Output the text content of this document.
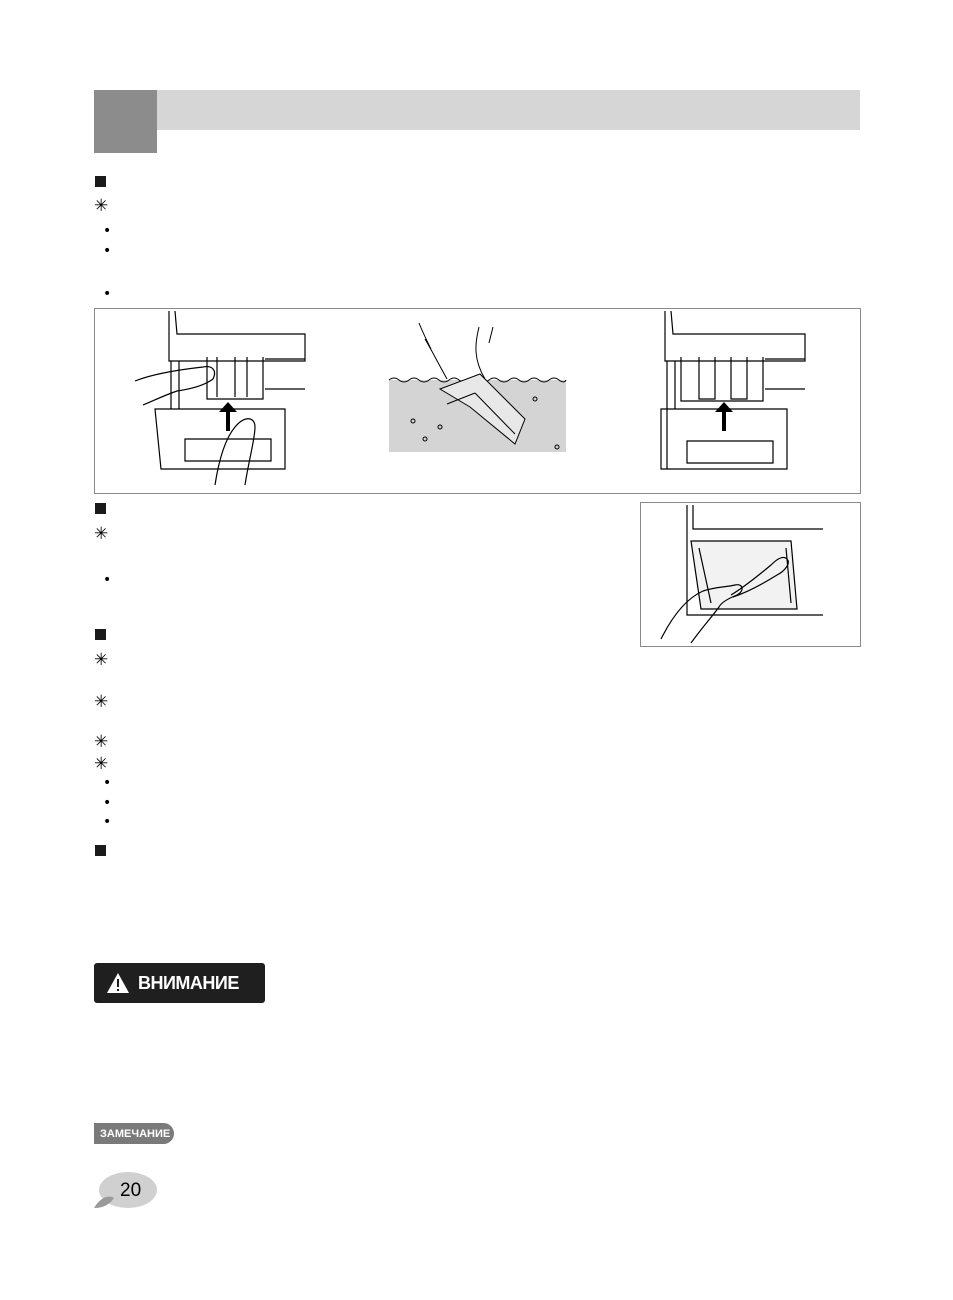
✳
•
•
•
✳
•
✳
✳
✳
✳
•
•
•
ВНИМАНИЕ
ЗАМЕЧАНИЕ
20
